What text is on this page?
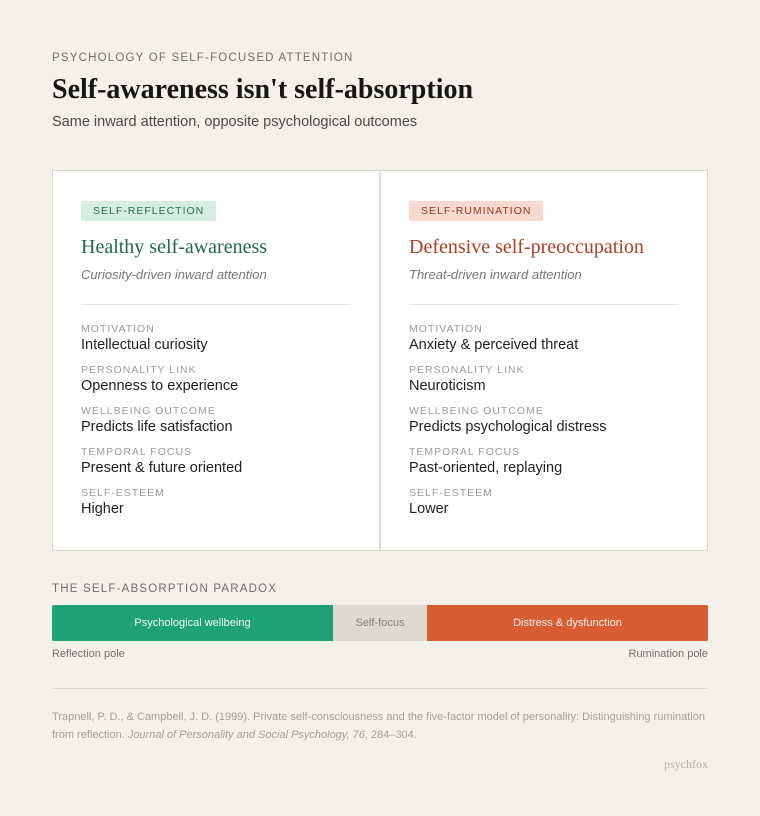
PSYCHOLOGY OF SELF-FOCUSED ATTENTION
Self-awareness isn't self-absorption
Same inward attention, opposite psychological outcomes
SELF-REFLECTION
Healthy self-awareness
Curiosity-driven inward attention
MOTIVATION
Intellectual curiosity
PERSONALITY LINK
Openness to experience
WELLBEING OUTCOME
Predicts life satisfaction
TEMPORAL FOCUS
Present & future oriented
SELF-ESTEEM
Higher
SELF-RUMINATION
Defensive self-preoccupation
Threat-driven inward attention
MOTIVATION
Anxiety & perceived threat
PERSONALITY LINK
Neuroticism
WELLBEING OUTCOME
Predicts psychological distress
TEMPORAL FOCUS
Past-oriented, replaying
SELF-ESTEEM
Lower
THE SELF-ABSORPTION PARADOX
Psychological wellbeing	Self-focus	Distress & dysfunction
Reflection pole	Rumination pole

Trapnell, P. D., & Campbell, J. D. (1999). Private self-consciousness and the five-factor model of personality: Distinguishing rumination from reflection. Journal of Personality and Social Psychology, 76, 284–304.

psychfox
